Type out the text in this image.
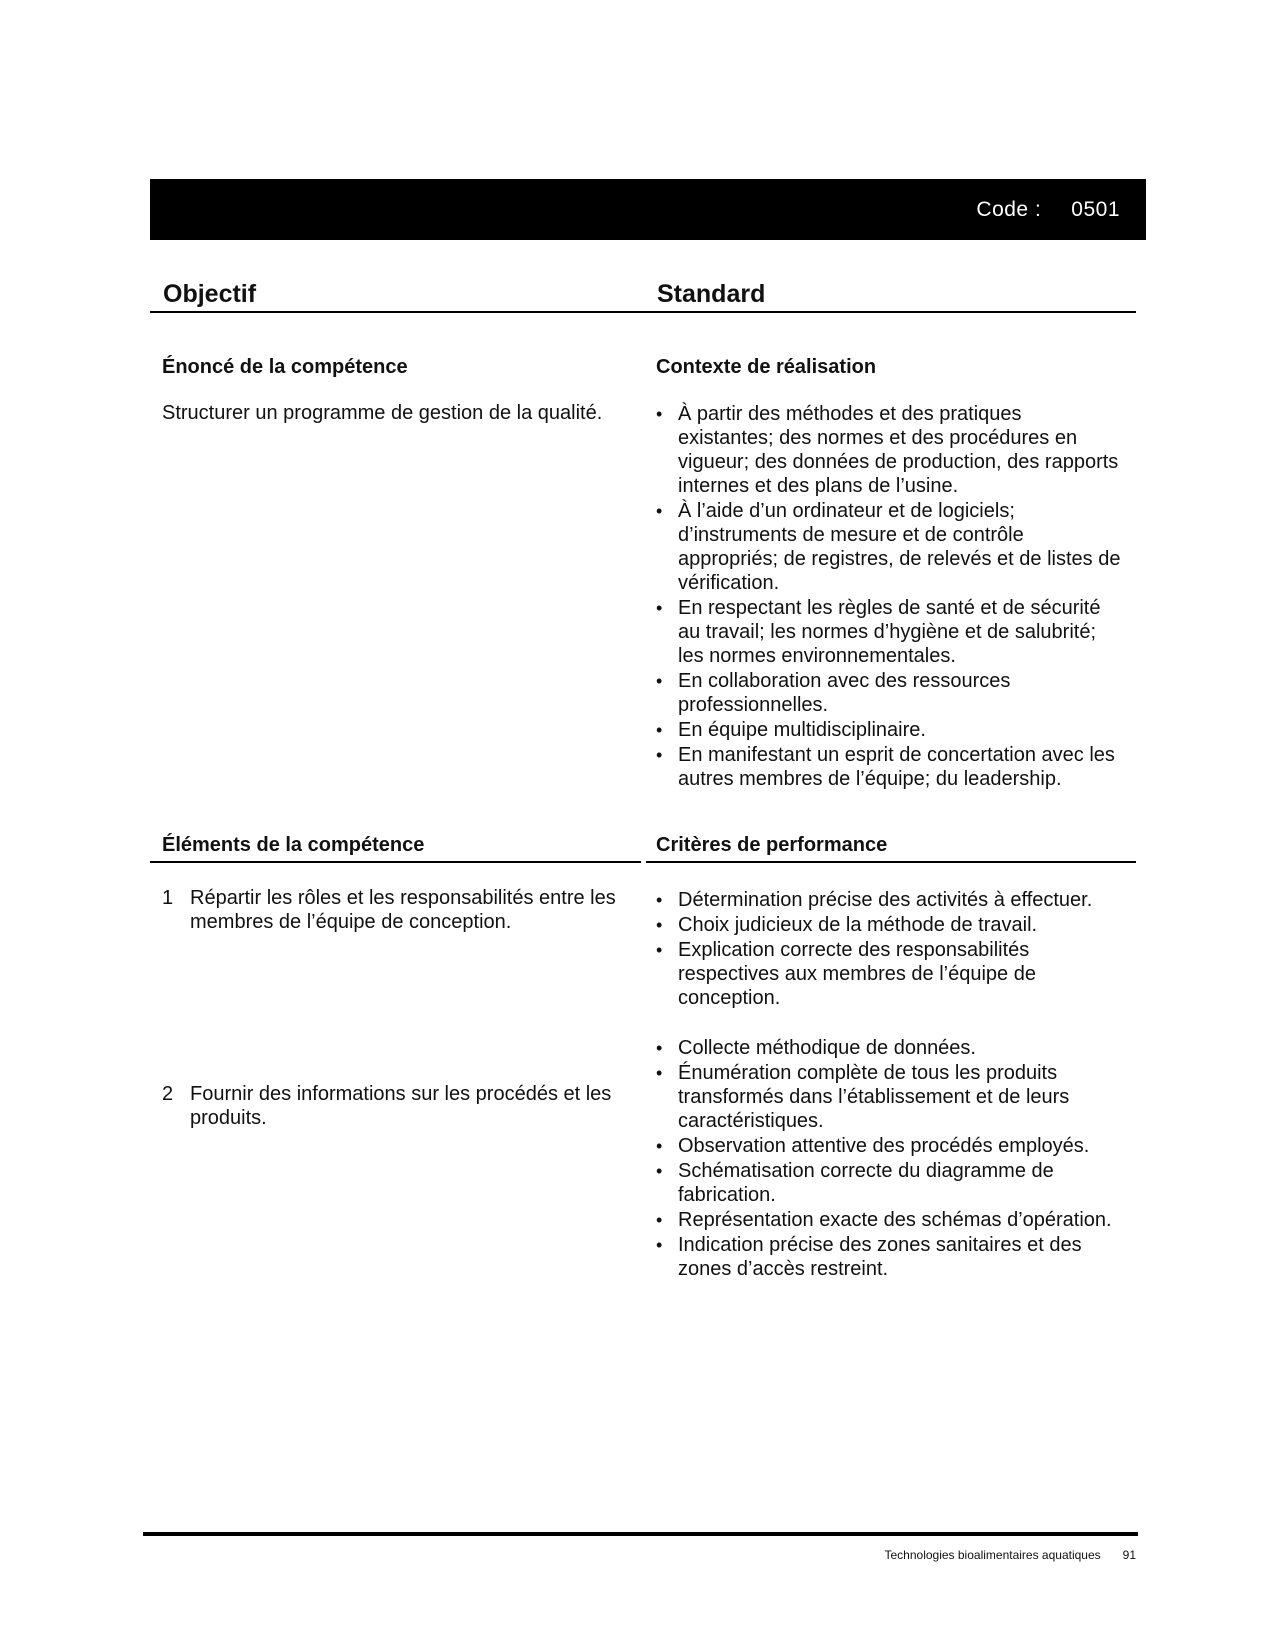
Code : 0501
Objectif	Standard
Énoncé de la compétence
Structurer un programme de gestion de la qualité.
Contexte de réalisation
• À partir des méthodes et des pratiques existantes; des normes et des procédures en vigueur; des données de production, des rapports internes et des plans de l’usine.
• À l’aide d’un ordinateur et de logiciels; d’instruments de mesure et de contrôle appropriés; de registres, de relevés et de listes de vérification.
• En respectant les règles de santé et de sécurité au travail; les normes d’hygiène et de salubrité; les normes environnementales.
• En collaboration avec des ressources professionnelles.
• En équipe multidisciplinaire.
• En manifestant un esprit de concertation avec les autres membres de l’équipe; du leadership.
Éléments de la compétence	Critères de performance
1 Répartir les rôles et les responsabilités entre les membres de l’équipe de conception.
• Détermination précise des activités à effectuer.
• Choix judicieux de la méthode de travail.
• Explication correcte des responsabilités respectives aux membres de l’équipe de conception.
2 Fournir des informations sur les procédés et les produits.
• Collecte méthodique de données.
• Énumération complète de tous les produits transformés dans l’établissement et de leurs caractéristiques.
• Observation attentive des procédés employés.
• Schématisation correcte du diagramme de fabrication.
• Représentation exacte des schémas d’opération.
• Indication précise des zones sanitaires et des zones d’accès restreint.
Technologies bioalimentaires aquatiques 91
